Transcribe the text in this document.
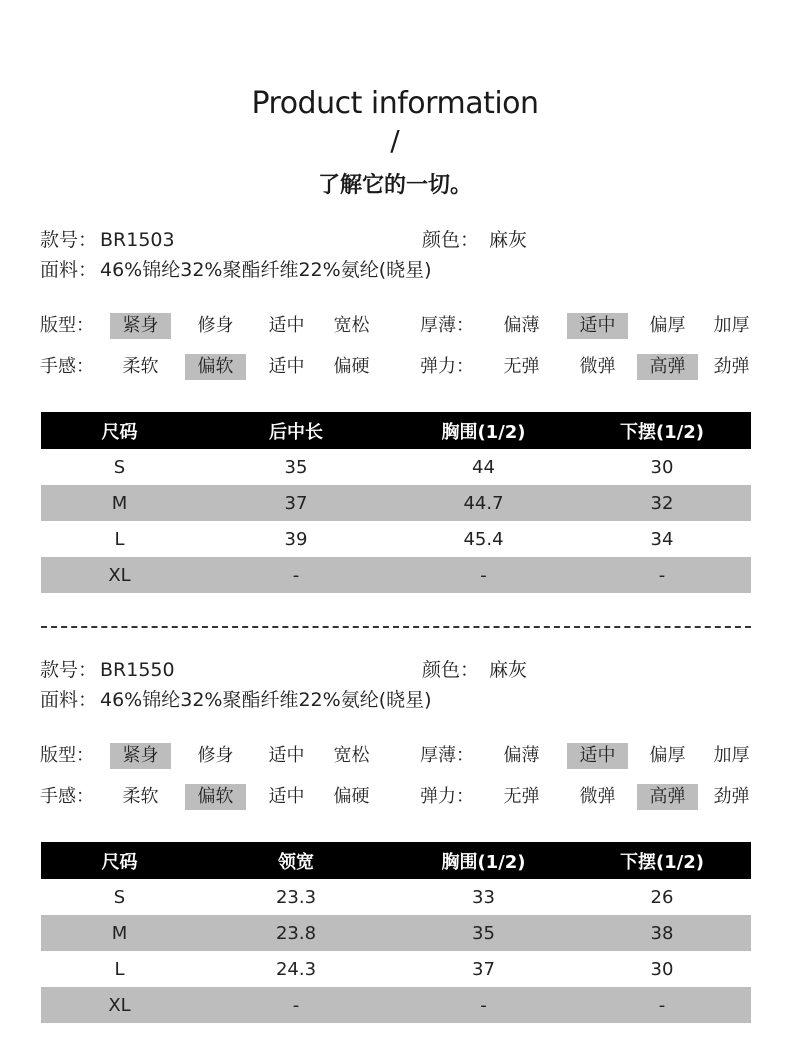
Product information
/
了解它的一切。
款号： BR1503	颜色： 麻灰
面料： 46%锦纶32%聚酯纤维22%氨纶(晓星)
版型：	紧身	修身	适中	宽松	厚薄：	偏薄	适中	偏厚	加厚
手感：	柔软	偏软	适中	偏硬	弹力：	无弹	微弹	高弹	劲弹
尺码	后中长	胸围(1/2)	下摆(1/2)
S	35	44	30
M	37	44.7	32
L	39	45.4	34
XL	-	-	-
款号： BR1550	颜色： 麻灰
面料： 46%锦纶32%聚酯纤维22%氨纶(晓星)
版型：	紧身	修身	适中	宽松	厚薄：	偏薄	适中	偏厚	加厚
手感：	柔软	偏软	适中	偏硬	弹力：	无弹	微弹	高弹	劲弹
尺码	领宽	胸围(1/2)	下摆(1/2)
S	23.3	33	26
M	23.8	35	38
L	24.3	37	30
XL	-	-	-
